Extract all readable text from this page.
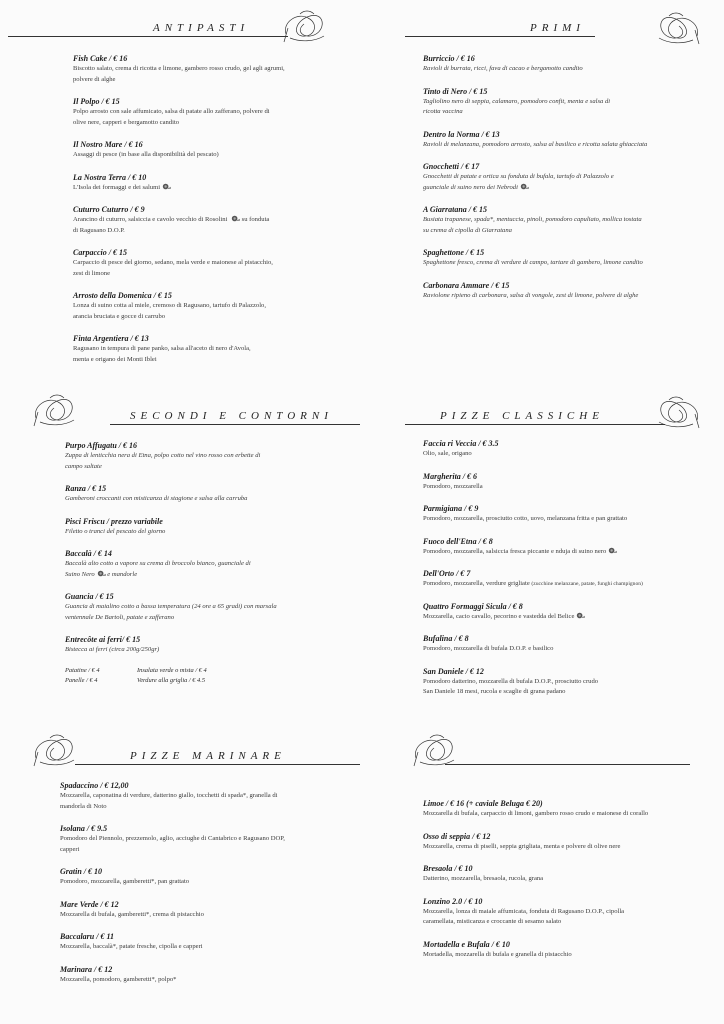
ANTIPASTI
Fish Cake / € 16
Biscotto salato, crema di ricotta e limone, gambero rosso crudo, gel agli agrumi,
polvere di alghe
Il Polpo / € 15
Polpo arrosto con sale affumicato, salsa di patate allo zafferano, polvere di
olive nere, capperi e bergamotto candito
Il Nostro Mare / € 16
Assaggi di pesce (in base alla disponibilità del pescato)
La Nostra Terra / € 10
L'Isola dei formaggi e dei salumi
Cuturro Cuturro / € 9
Arancino di cuturro, salsiccia e cavolo vecchio di Rosolini su fonduta
di Ragusano D.O.P.
Carpaccio / € 15
Carpaccio di pesce del giorno, sedano, mela verde e maionese al pistacchio,
zest di limone
Arrosto della Domenica / € 15
Lonza di suino cotta al miele, cremoso di Ragusano, tartufo di Palazzolo,
arancia bruciata e gocce di carrubo
Finta Argentiera / € 13
Ragusano in tempura di pane panko, salsa all'aceto di nero d'Avola,
menta e origano dei Monti Iblei
PRIMI
Burriccio / € 16
Ravioli di burrata, ricci, fava di cacao e bergamotto candito
Tinto di Nero / € 15
Tagliolino nero di seppia, calamaro, pomodoro confit, menta e salsa di
ricotta vaccina
Dentro la Norma / € 13
Ravioli di melanzana, pomodoro arrosto, salsa al basilico e ricotta salata ghiacciata
Gnocchetti / € 17
Gnocchetti di patate e ortica su fonduta di bufala, tartufo di Palazzolo e
guanciale di suino nero dei Nebrodi
A Giarratana / € 15
Busiata trapanese, spada*, mentuccia, pinoli, pomodoro capuliato, mollica tostata
su crema di cipolla di Giarratana
Spaghettone / € 15
Spaghettone fresco, crema di verdure di campo, tartare di gambero, limone candito
Carbonara Ammare / € 15
Raviolone ripieno di carbonara, salsa di vongole, zest di limone, polvere di alghe
SECONDI E CONTORNI
Purpo Affugatu / € 16
Zuppa di lenticchia nera di Etna, polpo cotto nel vino rosso con erbette di
campo saltate
Ranza / € 15
Gamberoni croccanti con misticanza di stagione e salsa alla carruba
Pisci Friscu / prezzo variabile
Filetto o tranci del pescato del giorno
Baccalà / € 14
Baccalà alto cotto a vapore su crema di broccolo bianco, guanciale di
Suino Nero e mandorle
Guancia / € 15
Guancia di maialino cotto a bassa temperatura (24 ore a 65 gradi) con marsala
ventennale De Bartoli, patate e zafferano
Entrecôte ai ferri/ € 15
Bistecca ai ferri (circa 200g/250gr)
Patatine / € 4	Insalata verde o mista / € 4
Panelle / € 4	Verdure alla griglia / € 4.5
PIZZE CLASSICHE
Faccia ri Veccia / € 3.5
Olio, sale, origano
Margherita / € 6
Pomodoro, mozzarella
Parmigiana / € 9
Pomodoro, mozzarella, prosciutto cotto, uovo, melanzana fritta e pan grattato
Fuoco dell'Etna / € 8
Pomodoro, mozzarella, salsiccia fresca piccante e nduja di suino nero
Dell'Orto / € 7
Pomodoro, mozzarella, verdure grigliate (zucchine melanzane, patate, funghi champignon)
Quattro Formaggi Sicula / € 8
Mozzarella, cacio cavallo, pecorino e vastedda del Belice
Bufalina / € 8
Pomodoro, mozzarella di bufala D.O.P. e basilico
San Daniele / € 12
Pomodoro datterino, mozzarella di bufala D.O.P., prosciutto crudo
San Daniele 18 mesi, rucola e scaglie di grana padano
PIZZE MARINARE
Spadaccino / € 12,00
Mozzarella, caponatina di verdure, datterino giallo, tocchetti di spada*, granella di
mandorla di Noto
Isolana / € 9.5
Pomodoro del Piennolo, prezzemolo, aglio, acciughe di Cantabrico e Ragusano DOP,
capperi
Gratin / € 10
Pomodoro, mozzarella, gamberetti*, pan grattato
Mare Verde / € 12
Mozzarella di bufala, gamberetti*, crema di pistacchio
Baccalaru / € 11
Mozzarella, baccalà*, patate fresche, cipolla e capperi
Marinara / € 12
Mozzarella, pomodoro, gamberetti*, polpo*
Limoe / € 16 (+ caviale Beluga € 20)
Mozzarella di bufala, carpaccio di limoni, gambero rosso crudo e maionese di corallo
Osso di seppia / € 12
Mozzarella, crema di piselli, seppia grigliata, menta e polvere di olive nere
Bresaola / € 10
Datterino, mozzarella, bresaola, rucola, grana
Lonzino 2.0 / € 10
Mozzarella, lonza di maiale affumicata, fonduta di Ragusano D.O.P., cipolla
caramellata, misticanza e croccante di sesamo salato
Mortadella e Bufala / € 10
Mortadella, mozzarella di bufala e granella di pistacchio
